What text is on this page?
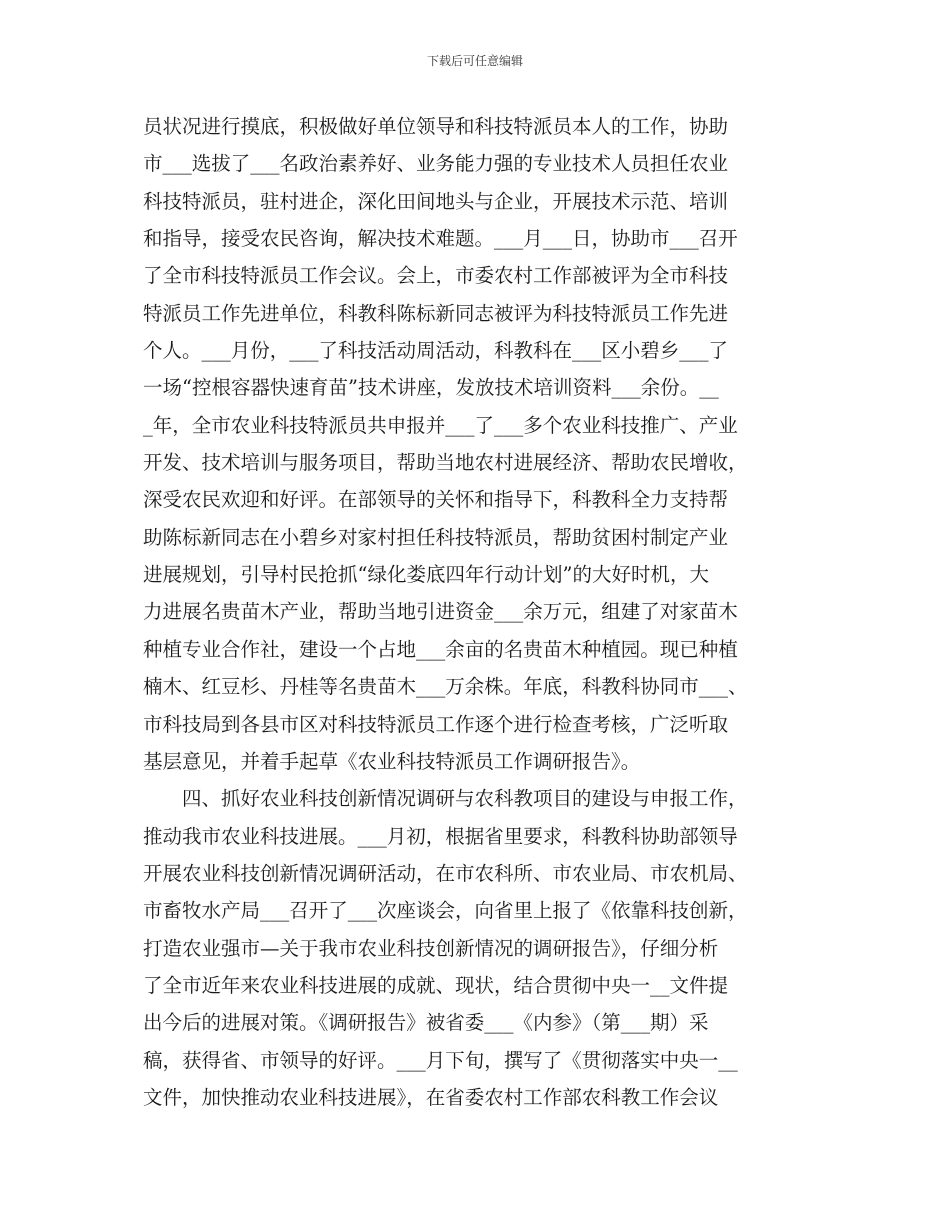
下载后可任意编辑
员状况进行摸底，积极做好单位领导和科技特派员本人的工作，协助
市___选拔了___名政治素养好、业务能力强的专业技术人员担任农业
科技特派员，驻村进企，深化田间地头与企业，开展技术示范、培训
和指导，接受农民咨询，解决技术难题。___月___日，协助市___召开
了全市科技特派员工作会议。会上，市委农村工作部被评为全市科技
特派员工作先进单位，科教科陈标新同志被评为科技特派员工作先进
个人。___月份，___了科技活动周活动，科教科在___区小碧乡___了
一场“控根容器快速育苗”技术讲座，发放技术培训资料___余份。__
_年，全市农业科技特派员共申报并___了___多个农业科技推广、产业
开发、技术培训与服务项目，帮助当地农村进展经济、帮助农民增收，
深受农民欢迎和好评。在部领导的关怀和指导下，科教科全力支持帮
助陈标新同志在小碧乡对家村担任科技特派员，帮助贫困村制定产业
进展规划，引导村民抢抓“绿化娄底四年行动计划”的大好时机，大
力进展名贵苗木产业，帮助当地引进资金___余万元，组建了对家苗木
种植专业合作社，建设一个占地___余亩的名贵苗木种植园。现已种植
楠木、红豆杉、丹桂等名贵苗木___万余株。年底，科教科协同市___、
市科技局到各县市区对科技特派员工作逐个进行检查考核，广泛听取
基层意见，并着手起草《农业科技特派员工作调研报告》。
　　四、抓好农业科技创新情况调研与农科教项目的建设与申报工作，
推动我市农业科技进展。___月初，根据省里要求，科教科协助部领导
开展农业科技创新情况调研活动，在市农科所、市农业局、市农机局、
市畜牧水产局___召开了___次座谈会，向省里上报了《依靠科技创新，
打造农业强市—关于我市农业科技创新情况的调研报告》，仔细分析
了全市近年来农业科技进展的成就、现状，结合贯彻中央一__文件提
出今后的进展对策。《调研报告》被省委___《内参》（第___期）采
稿，获得省、市领导的好评。___月下旬，撰写了《贯彻落实中央一__
文件，加快推动农业科技进展》，在省委农村工作部农科教工作会议
